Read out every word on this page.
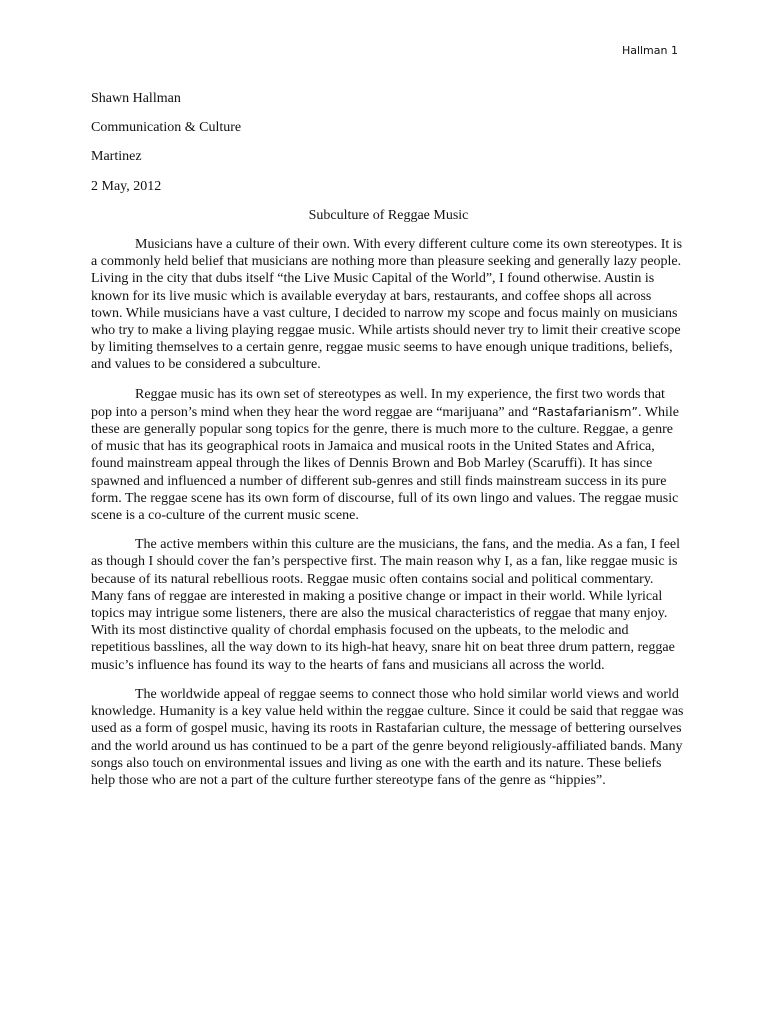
Hallman 1
Shawn Hallman
Communication & Culture
Martinez
2 May, 2012
Subculture of Reggae Music

Musicians have a culture of their own. With every different culture come its own stereotypes. It is a commonly held belief that musicians are nothing more than pleasure seeking and generally lazy people. Living in the city that dubs itself “the Live Music Capital of the World”, I found otherwise. Austin is known for its live music which is available everyday at bars, restaurants, and coffee shops all across town. While musicians have a vast culture, I decided to narrow my scope and focus mainly on musicians who try to make a living playing reggae music. While artists should never try to limit their creative scope by limiting themselves to a certain genre, reggae music seems to have enough unique traditions, beliefs, and values to be considered a subculture.

Reggae music has its own set of stereotypes as well. In my experience, the first two words that pop into a person’s mind when they hear the word reggae are “marijuana” and “Rastafarianism”. While these are generally popular song topics for the genre, there is much more to the culture. Reggae, a genre of music that has its geographical roots in Jamaica and musical roots in the United States and Africa, found mainstream appeal through the likes of Dennis Brown and Bob Marley (Scaruffi). It has since spawned and influenced a number of different sub-genres and still finds mainstream success in its pure form. The reggae scene has its own form of discourse, full of its own lingo and values. The reggae music scene is a co-culture of the current music scene.

The active members within this culture are the musicians, the fans, and the media. As a fan, I feel as though I should cover the fan’s perspective first. The main reason why I, as a fan, like reggae music is because of its natural rebellious roots. Reggae music often contains social and political commentary. Many fans of reggae are interested in making a positive change or impact in their world. While lyrical topics may intrigue some listeners, there are also the musical characteristics of reggae that many enjoy. With its most distinctive quality of chordal emphasis focused on the upbeats, to the melodic and repetitious basslines, all the way down to its high-hat heavy, snare hit on beat three drum pattern, reggae music’s influence has found its way to the hearts of fans and musicians all across the world.

The worldwide appeal of reggae seems to connect those who hold similar world views and world knowledge. Humanity is a key value held within the reggae culture. Since it could be said that reggae was used as a form of gospel music, having its roots in Rastafarian culture, the message of bettering ourselves and the world around us has continued to be a part of the genre beyond religiously-affiliated bands. Many songs also touch on environmental issues and living as one with the earth and its nature. These beliefs help those who are not a part of the culture further stereotype fans of the genre as “hippies”.
